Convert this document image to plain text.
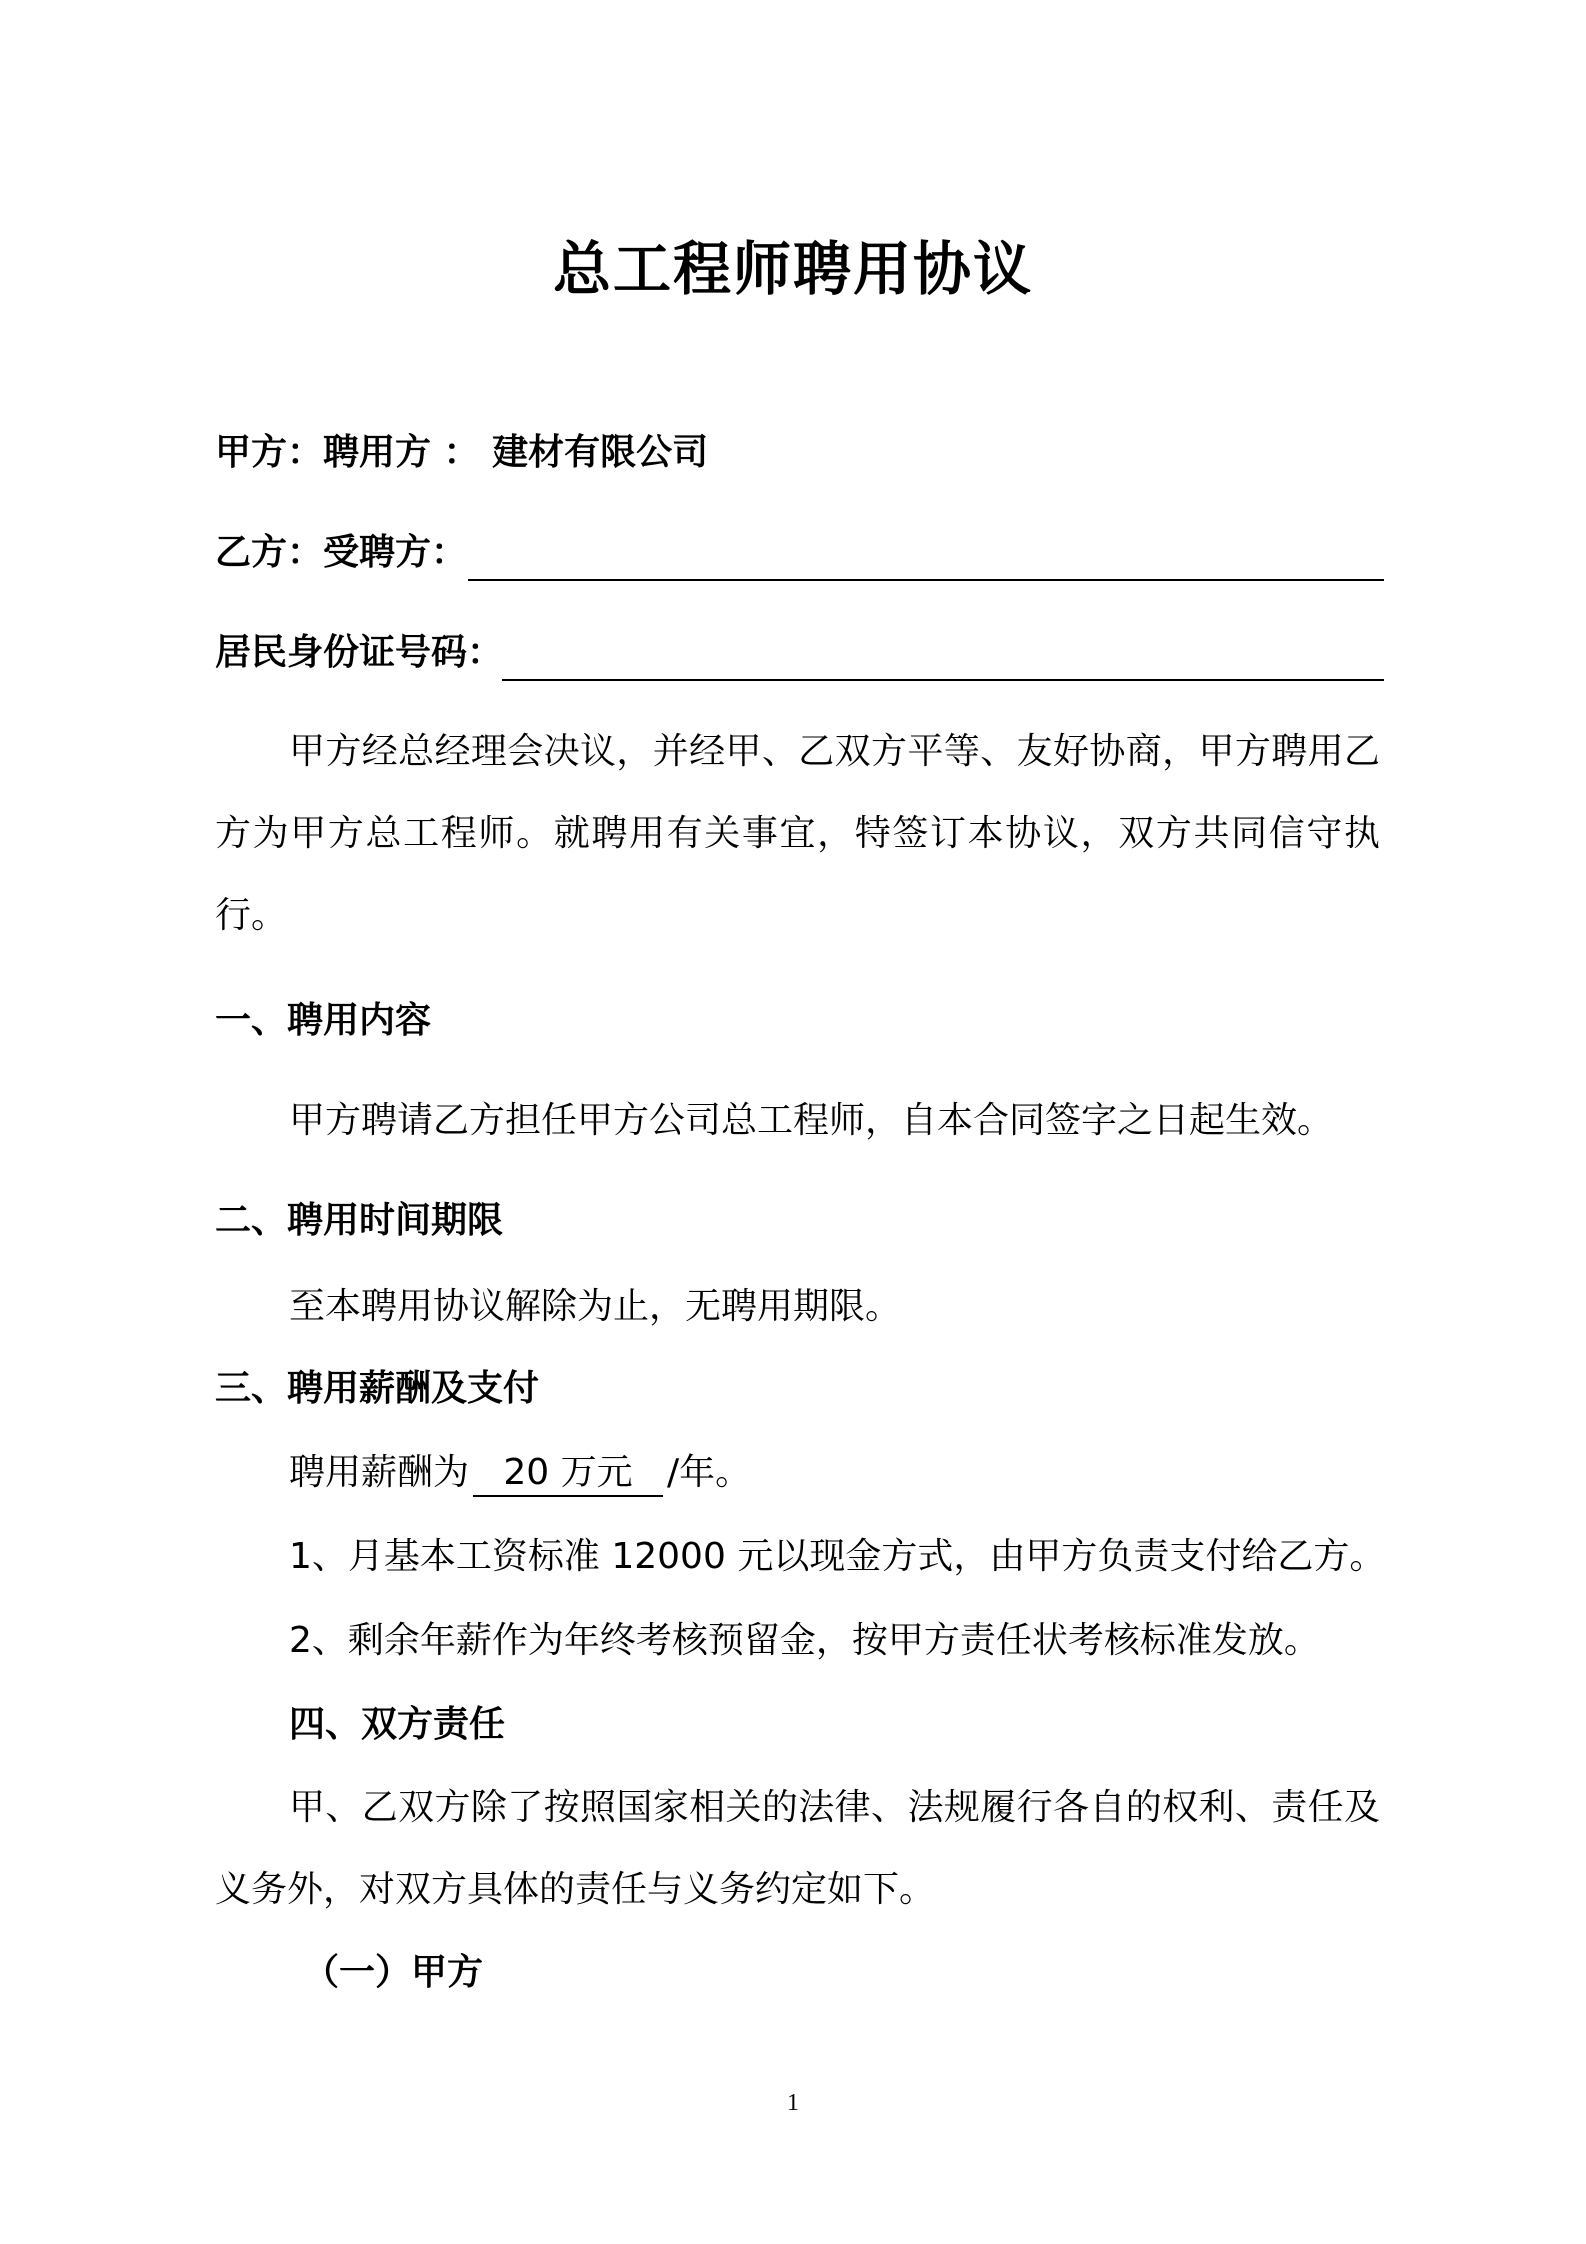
总工程师聘用协议
甲方：聘用方 ： 建材有限公司
乙方：受聘方：
居民身份证号码：
甲方经总经理会决议，并经甲、乙双方平等、友好协商，甲方聘用乙方为甲方总工程师。就聘用有关事宜，特签订本协议，双方共同信守执行。
一、聘用内容
甲方聘请乙方担任甲方公司总工程师，自本合同签字之日起生效。
二、聘用时间期限
至本聘用协议解除为止，无聘用期限。
三、聘用薪酬及支付
聘用薪酬为 20 万元 /年。
1、月基本工资标准 12000 元以现金方式，由甲方负责支付给乙方。
2、剩余年薪作为年终考核预留金，按甲方责任状考核标准发放。
四、双方责任
甲、乙双方除了按照国家相关的法律、法规履行各自的权利、责任及义务外，对双方具体的责任与义务约定如下。
（一）甲方
1
